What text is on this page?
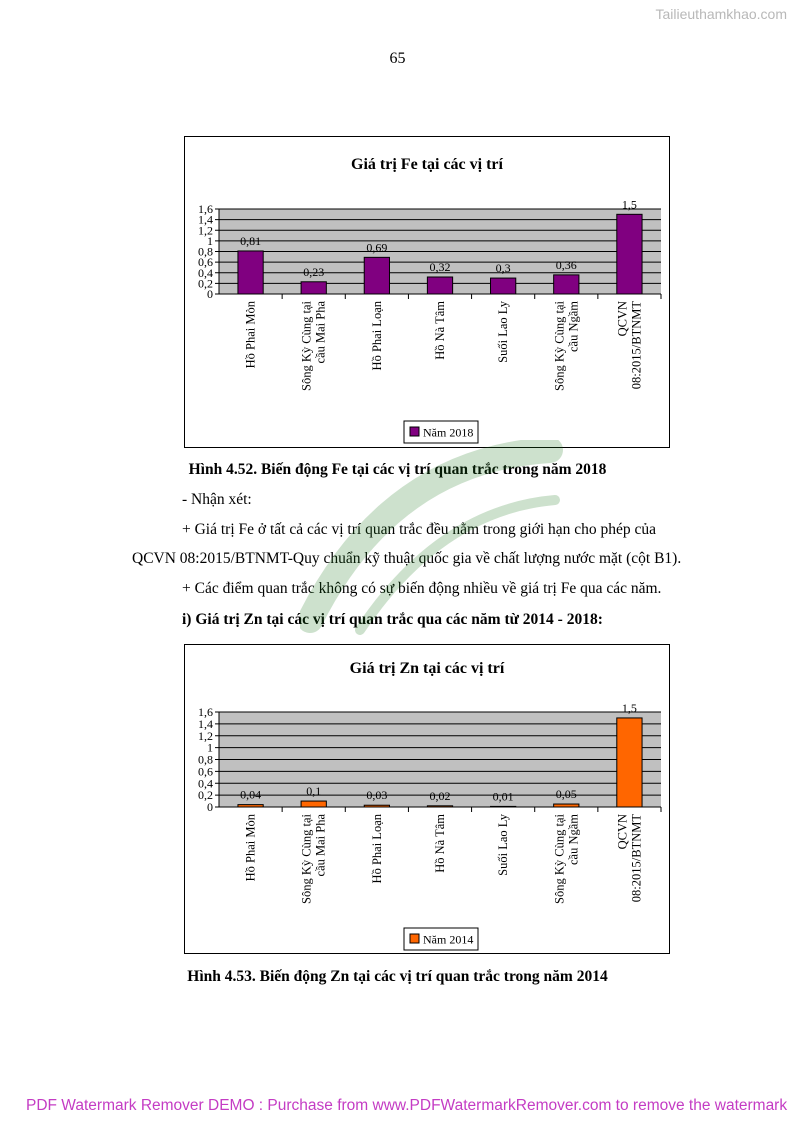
Tailieuthamkhao.com
65
Giá trị Fe tại các vị trí
0
0,2
0,4
0,6
0,8
1
1,2
1,4
1,6
0,81
Hồ Phai Mòn
0,23
Sông Kỳ Cùng tại cầu Mai Pha
0,69
Hồ Phai Loạn
0,32
Hồ Nà Tâm
0,3
Suối Lao Ly
0,36
Sông Kỳ Cùng tại cầu Ngầm
1,5
QCVN 08:2015/BTNMT
Năm 2018
Hình 4.52. Biến động Fe tại các vị trí quan trắc trong năm 2018
- Nhận xét:
+ Giá trị Fe ở tất cả các vị trí quan trắc đều nằm trong giới hạn cho phép của
QCVN 08:2015/BTNMT-Quy chuẩn kỹ thuật quốc gia về chất lượng nước mặt (cột B1).
+ Các điểm quan trắc không có sự biến động nhiều về giá trị Fe qua các năm.
i) Giá trị Zn tại các vị trí quan trắc qua các năm từ 2014 - 2018:
Giá trị Zn tại các vị trí
0
0,2
0,4
0,6
0,8
1
1,2
1,4
1,6
0,04
Hồ Phai Mòn
0,1
Sông Kỳ Cùng tại cầu Mai Pha
0,03
Hồ Phai Loạn
0,02
Hồ Nà Tâm
0,01
Suối Lao Ly
0,05
Sông Kỳ Cùng tại cầu Ngầm
1,5
QCVN 08:2015/BTNMT
Năm 2014
Hình 4.53. Biến động Zn tại các vị trí quan trắc trong năm 2014
PDF Watermark Remover DEMO : Purchase from www.PDFWatermarkRemover.com to remove the watermark
